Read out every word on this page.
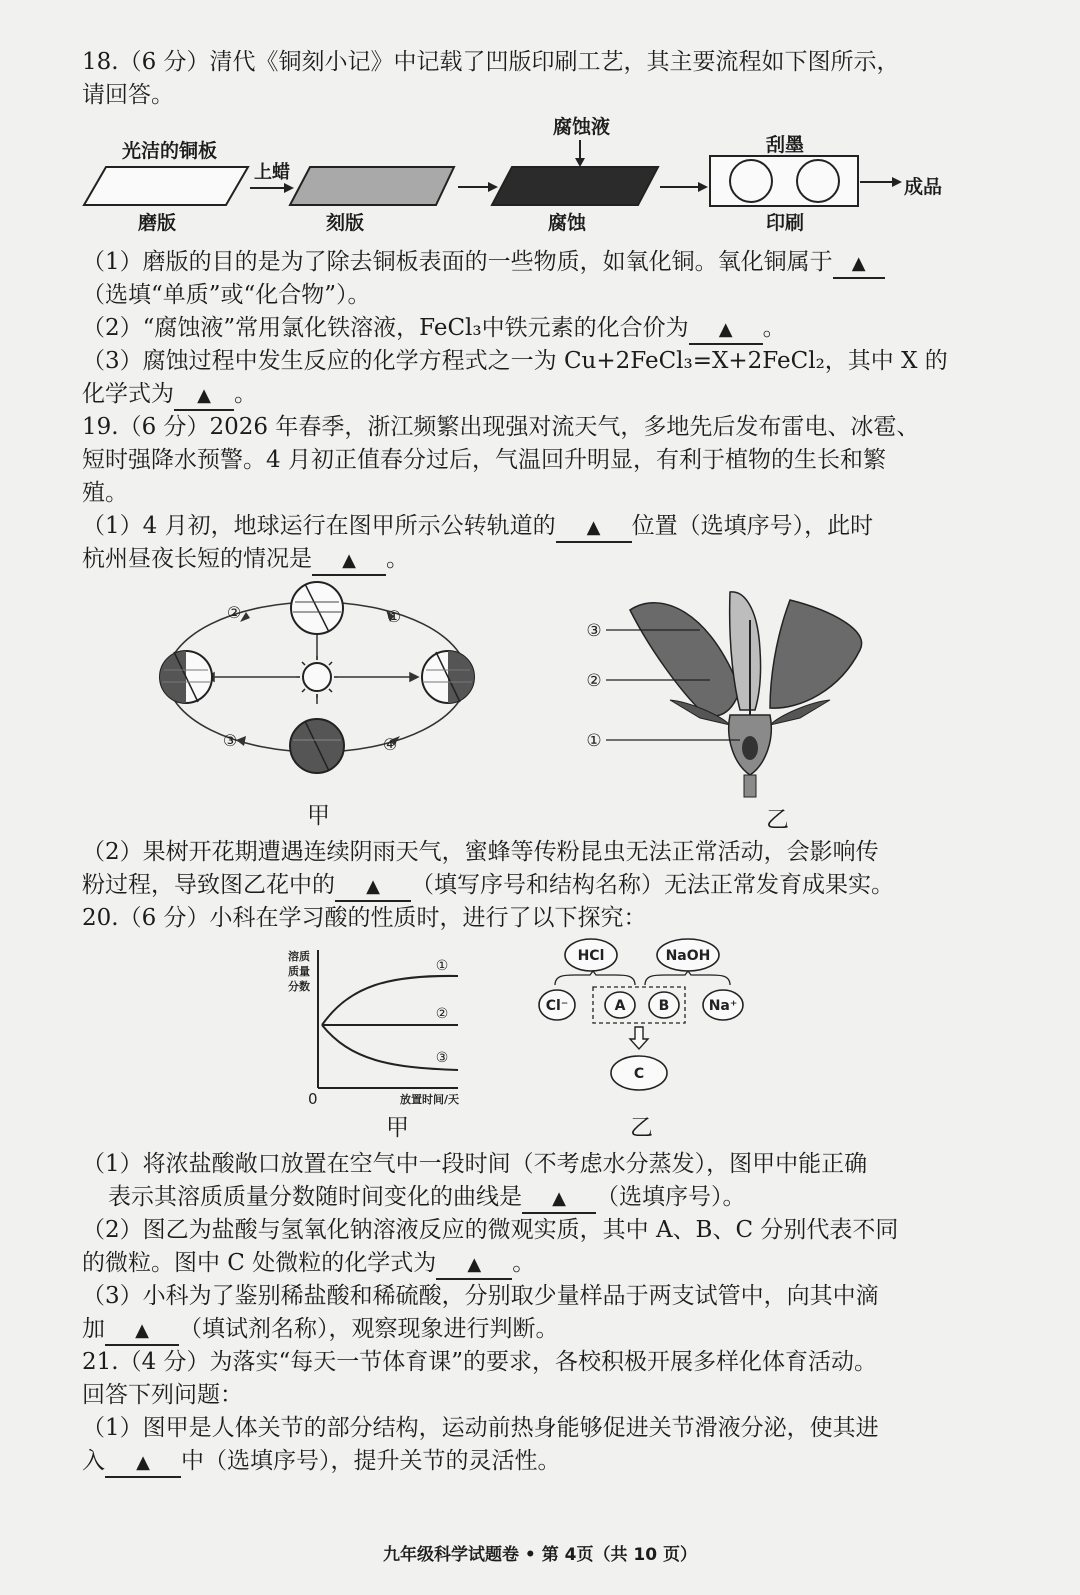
18.（6 分）清代《铜刻小记》中记载了凹版印刷工艺，其主要流程如下图所示，
请回答。
光洁的铜板
上蜡
磨版	刻版
腐蚀液
腐蚀
刮墨
印刷
成品
（1）磨版的目的是为了除去铜板表面的一些物质，如氧化铜。氧化铜属于 ▲
（选填“单质”或“化合物”）。
（2）“腐蚀液”常用氯化铁溶液，FeCl₃中铁元素的化合价为 ▲ 。
（3）腐蚀过程中发生反应的化学方程式之一为 Cu+2FeCl₃=X+2FeCl₂，其中 X 的
化学式为 ▲ 。
19.（6 分）2026 年春季，浙江频繁出现强对流天气，多地先后发布雷电、冰雹、
短时强降水预警。4 月初正值春分过后，气温回升明显，有利于植物的生长和繁
殖。
（1）4 月初，地球运行在图甲所示公转轨道的 ▲ 位置（选填序号），此时
杭州昼夜长短的情况是 ▲ 。
②	①
③	④
甲
③
②
①
乙
（2）果树开花期遭遇连续阴雨天气，蜜蜂等传粉昆虫无法正常活动，会影响传
粉过程，导致图乙花中的 ▲ （填写序号和结构名称）无法正常发育成果实。
20.（6 分）小科在学习酸的性质时，进行了以下探究：
①
②
③
溶质
质量
分数
放置时间/天
0
甲
HCl	NaOH
Cl⁻	A B	Na⁺
C
乙
（1）将浓盐酸敞口放置在空气中一段时间（不考虑水分蒸发），图甲中能正确
表示其溶质质量分数随时间变化的曲线是 ▲ （选填序号）。
（2）图乙为盐酸与氢氧化钠溶液反应的微观实质，其中 A、B、C 分别代表不同
的微粒。图中 C 处微粒的化学式为 ▲ 。
（3）小科为了鉴别稀盐酸和稀硫酸，分别取少量样品于两支试管中，向其中滴
加 ▲ （填试剂名称），观察现象进行判断。
21.（4 分）为落实“每天一节体育课”的要求，各校积极开展多样化体育活动。
回答下列问题：
（1）图甲是人体关节的部分结构，运动前热身能够促进关节滑液分泌，使其进
入 ▲ 中（选填序号），提升关节的灵活性。
九年级科学试题卷 • 第 4页（共 10 页）
